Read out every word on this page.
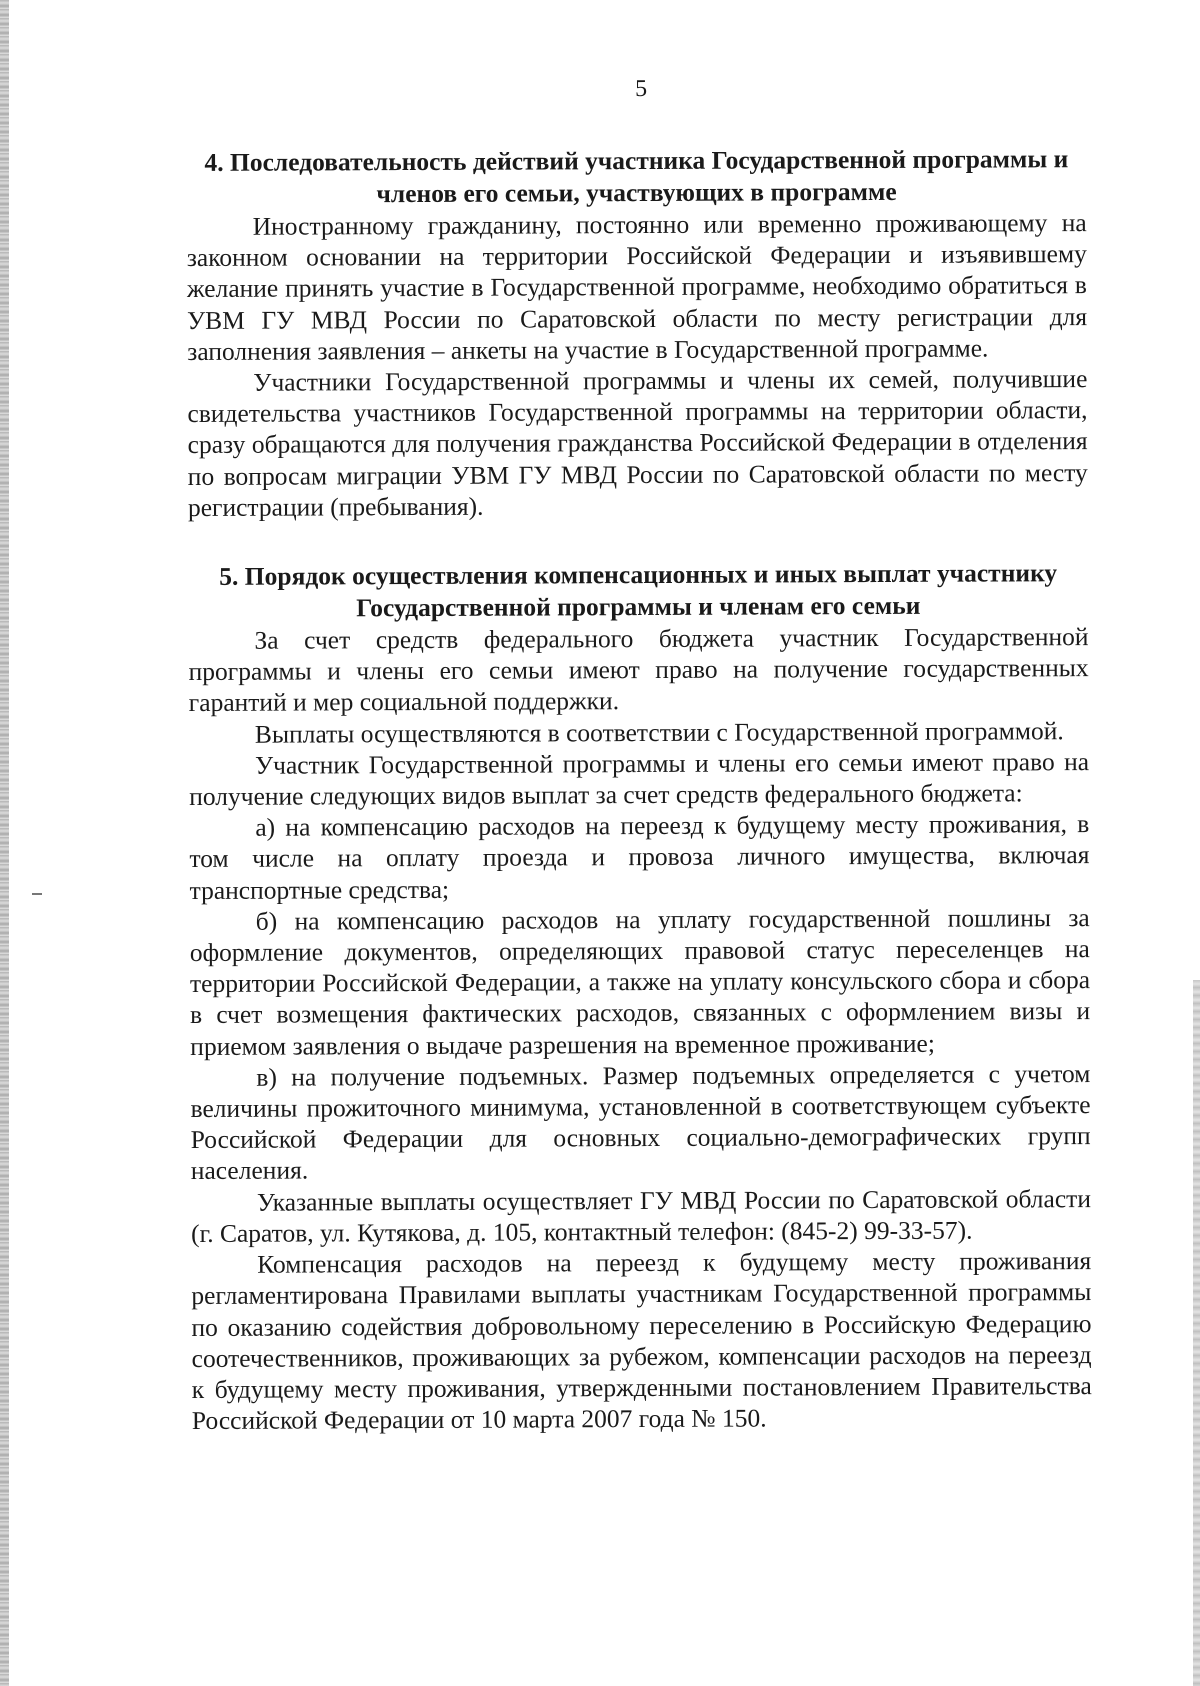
5
4. Последовательность действий участника Государственной программы и членов его семьи, участвующих в программе

Иностранному гражданину, постоянно или временно проживающему на законном основании на территории Российской Федерации и изъявившему желание принять участие в Государственной программе, необходимо обратиться в УВМ ГУ МВД России по Саратовской области по месту регистрации для заполнения заявления – анкеты на участие в Государственной программе.

Участники Государственной программы и члены их семей, получившие свидетельства участников Государственной программы на территории области, сразу обращаются для получения гражданства Российской Федерации в отделения по вопросам миграции УВМ ГУ МВД России по Саратовской области по месту регистрации (пребывания).

5. Порядок осуществления компенсационных и иных выплат участнику Государственной программы и членам его семьи

За счет средств федерального бюджета участник Государственной программы и члены его семьи имеют право на получение государственных гарантий и мер социальной поддержки.

Выплаты осуществляются в соответствии с Государственной программой.

Участник Государственной программы и члены его семьи имеют право на получение следующих видов выплат за счет средств федерального бюджета:

а) на компенсацию расходов на переезд к будущему месту проживания, в том числе на оплату проезда и провоза личного имущества, включая транспортные средства;

б) на компенсацию расходов на уплату государственной пошлины за оформление документов, определяющих правовой статус переселенцев на территории Российской Федерации, а также на уплату консульского сбора и сбора в счет возмещения фактических расходов, связанных с оформлением визы и приемом заявления о выдаче разрешения на временное проживание;

в) на получение подъемных. Размер подъемных определяется с учетом величины прожиточного минимума, установленной в соответствующем субъекте Российской Федерации для основных социально-демографических групп населения.

Указанные выплаты осуществляет ГУ МВД России по Саратовской области (г. Саратов, ул. Кутякова, д. 105, контактный телефон: (845-2) 99-33-57).

Компенсация расходов на переезд к будущему месту проживания регламентирована Правилами выплаты участникам Государственной программы по оказанию содействия добровольному переселению в Российскую Федерацию соотечественников, проживающих за рубежом, компенсации расходов на переезд к будущему месту проживания, утвержденными постановлением Правительства Российской Федерации от 10 марта 2007 года № 150.
